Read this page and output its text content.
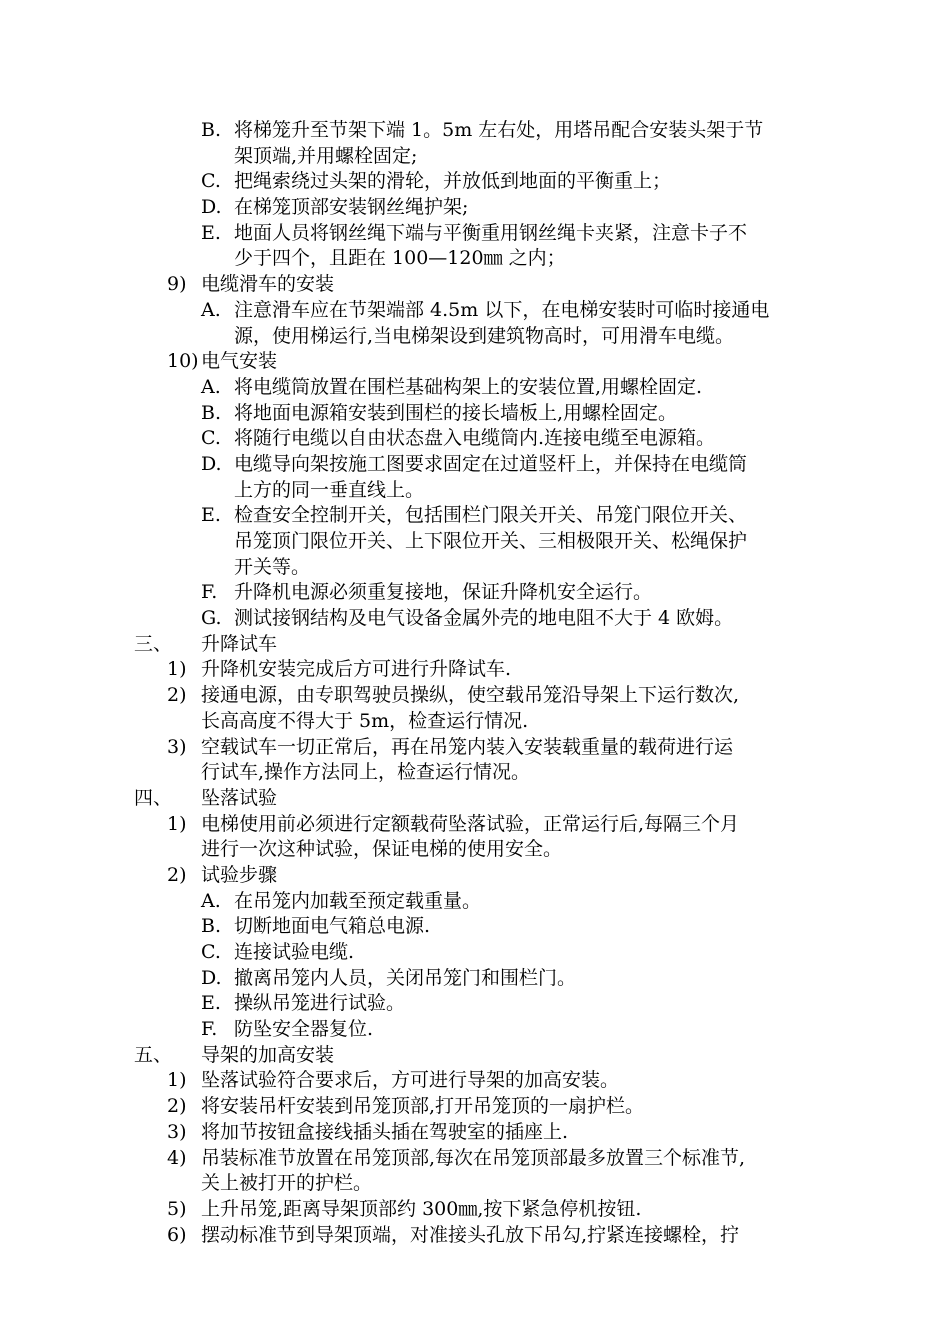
B. 将梯笼升至节架下端 1。5m 左右处，用塔吊配合安装头架于节
架顶端,并用螺栓固定;
C. 把绳索绕过头架的滑轮，并放低到地面的平衡重上；
D. 在梯笼顶部安装钢丝绳护架;
E. 地面人员将钢丝绳下端与平衡重用钢丝绳卡夹紧，注意卡子不
少于四个，且距在 100—120㎜ 之内；
9) 电缆滑车的安装
A. 注意滑车应在节架端部 4.5m 以下，在电梯安装时可临时接通电
源，使用梯运行,当电梯架设到建筑物高时，可用滑车电缆。
10) 电气安装
A. 将电缆筒放置在围栏基础构架上的安装位置,用螺栓固定.
B. 将地面电源箱安装到围栏的接长墙板上,用螺栓固定。
C. 将随行电缆以自由状态盘入电缆筒内.连接电缆至电源箱。
D. 电缆导向架按施工图要求固定在过道竖杆上，并保持在电缆筒
上方的同一垂直线上。
E. 检查安全控制开关，包括围栏门限关开关、吊笼门限位开关、
吊笼顶门限位开关、上下限位开关、三相极限开关、松绳保护
开关等。
F. 升降机电源必须重复接地，保证升降机安全运行。
G. 测试接钢结构及电气设备金属外壳的地电阻不大于 4 欧姆。
三、 升降试车
1) 升降机安装完成后方可进行升降试车.
2) 接通电源，由专职驾驶员操纵，使空载吊笼沿导架上下运行数次,
长高高度不得大于 5m，检查运行情况.
3) 空载试车一切正常后，再在吊笼内装入安装载重量的载荷进行运
行试车,操作方法同上，检查运行情况。
四、 坠落试验
1) 电梯使用前必须进行定额载荷坠落试验，正常运行后,每隔三个月
进行一次这种试验，保证电梯的使用安全。
2) 试验步骤
A. 在吊笼内加载至预定载重量。
B. 切断地面电气箱总电源.
C. 连接试验电缆.
D. 撤离吊笼内人员，关闭吊笼门和围栏门。
E. 操纵吊笼进行试验。
F. 防坠安全器复位.
五、 导架的加高安装
1) 坠落试验符合要求后，方可进行导架的加高安装。
2) 将安装吊杆安装到吊笼顶部,打开吊笼顶的一扇护栏。
3) 将加节按钮盒接线插头插在驾驶室的插座上.
4) 吊装标准节放置在吊笼顶部,每次在吊笼顶部最多放置三个标准节,
关上被打开的护栏。
5) 上升吊笼,距离导架顶部约 300㎜,按下紧急停机按钮.
6) 摆动标准节到导架顶端，对准接头孔放下吊勾,拧紧连接螺栓，拧
